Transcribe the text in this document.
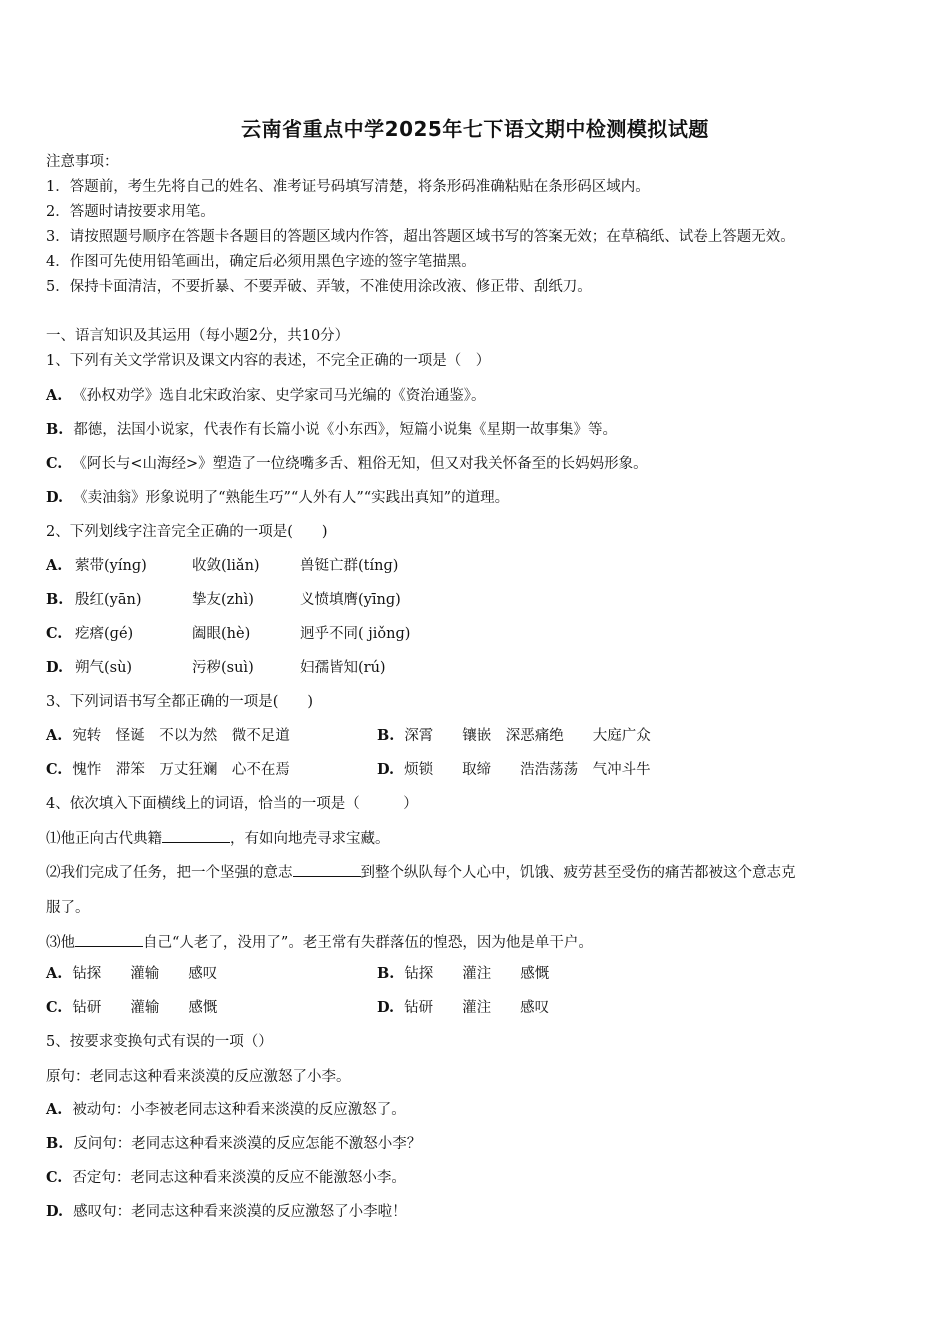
云南省重点中学2025年七下语文期中检测模拟试题
注意事项：
1．答题前，考生先将自己的姓名、准考证号码填写清楚，将条形码准确粘贴在条形码区域内。
2．答题时请按要求用笔。
3．请按照题号顺序在答题卡各题目的答题区域内作答，超出答题区域书写的答案无效；在草稿纸、试卷上答题无效。
4．作图可先使用铅笔画出，确定后必须用黑色字迹的签字笔描黑。
5．保持卡面清洁，不要折暴、不要弄破、弄皱，不准使用涂改液、修正带、刮纸刀。
一、语言知识及其运用（每小题2分，共10分）
1、下列有关文学常识及课文内容的表述，不完全正确的一项是（　）
A. 《孙权劝学》选自北宋政治家、史学家司马光编的《资治通鉴》。
B. 都德，法国小说家，代表作有长篇小说《小东西》，短篇小说集《星期一故事集》等。
C. 《阿长与<山海经>》塑造了一位绕嘴多舌、粗俗无知，但又对我关怀备至的长妈妈形象。
D. 《卖油翁》形象说明了“熟能生巧”“人外有人”“实践出真知”的道理。
2、下列划线字注音完全正确的一项是(　　)
A. 萦带(yínɡ)	收敛(liǎn)	兽铤亡群(tínɡ)
B. 殷红(yān)	挚友(zhì)	义愤填膺(yīnɡ)
C. 疙瘩(ɡé)	阖眼(hè)	迥乎不同( jiǒnɡ)
D. 朔气(sù)	污秽(suì)	妇孺皆知(rú)
3、下列词语书写全都正确的一项是(　　)
A. 宛转　怪诞　不以为然　微不足道	B. 深霄　　镶嵌　深恶痛绝　　大庭广众
C. 愧怍　滞笨　万丈狂斓　心不在焉	D. 烦锁　　取缔　　浩浩荡荡　气冲斗牛
4、依次填入下面横线上的词语，恰当的一项是（　　　）
⑴他正向古代典籍	，有如向地壳寻求宝藏。
⑵我们完成了任务，把一个坚强的意志	到整个纵队每个人心中，饥饿、疲劳甚至受伤的痛苦都被这个意志克
服了。
⑶他	自己“人老了，没用了”。老王常有失群落伍的惶恐，因为他是单干户。
A. 钻探　　灌输　　感叹	B. 钻探　　灌注　　感慨
C. 钻研　　灌输　　感慨	D. 钻研　　灌注　　感叹
5、按要求变换句式有误的一项（）
原句：老同志这种看来淡漠的反应激怒了小李。
A. 被动句：小李被老同志这种看来淡漠的反应激怒了。
B. 反问句：老同志这种看来淡漠的反应怎能不激怒小李？
C. 否定句：老同志这种看来淡漠的反应不能激怒小李。
D. 感叹句：老同志这种看来淡漠的反应激怒了小李啦！
